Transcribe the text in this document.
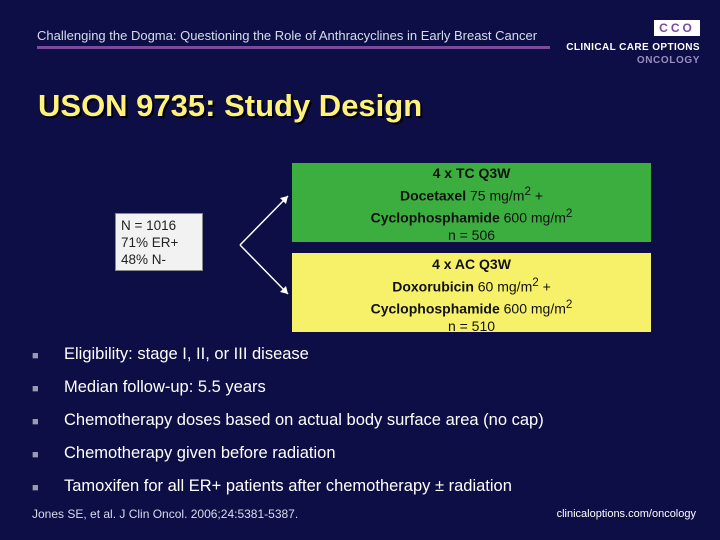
Challenging the Dogma: Questioning the Role of Anthracyclines in Early Breast Cancer	CCO
CLINICAL CARE OPTIONS
ONCOLOGY
USON 9735: Study Design
N = 1016
71% ER+
48% N-
4 x TC Q3W
Docetaxel 75 $mg/m^2$ +
Cyclophosphamide 600 $mg/m^2$
n = 506
4 x AC Q3W
Doxorubicin 60 $mg/m^2$ +
Cyclophosphamide 600 $mg/m^2$
n = 510
■	Eligibility: stage I, II, or III disease
■	Median follow-up: 5.5 years
■	Chemotherapy doses based on actual body surface area (no cap)
■	Chemotherapy given before radiation
■	Tamoxifen for all ER+ patients after chemotherapy ± radiation
Jones SE, et al. J Clin Oncol. 2006;24:5381-5387.	clinicaloptions.com/oncology
